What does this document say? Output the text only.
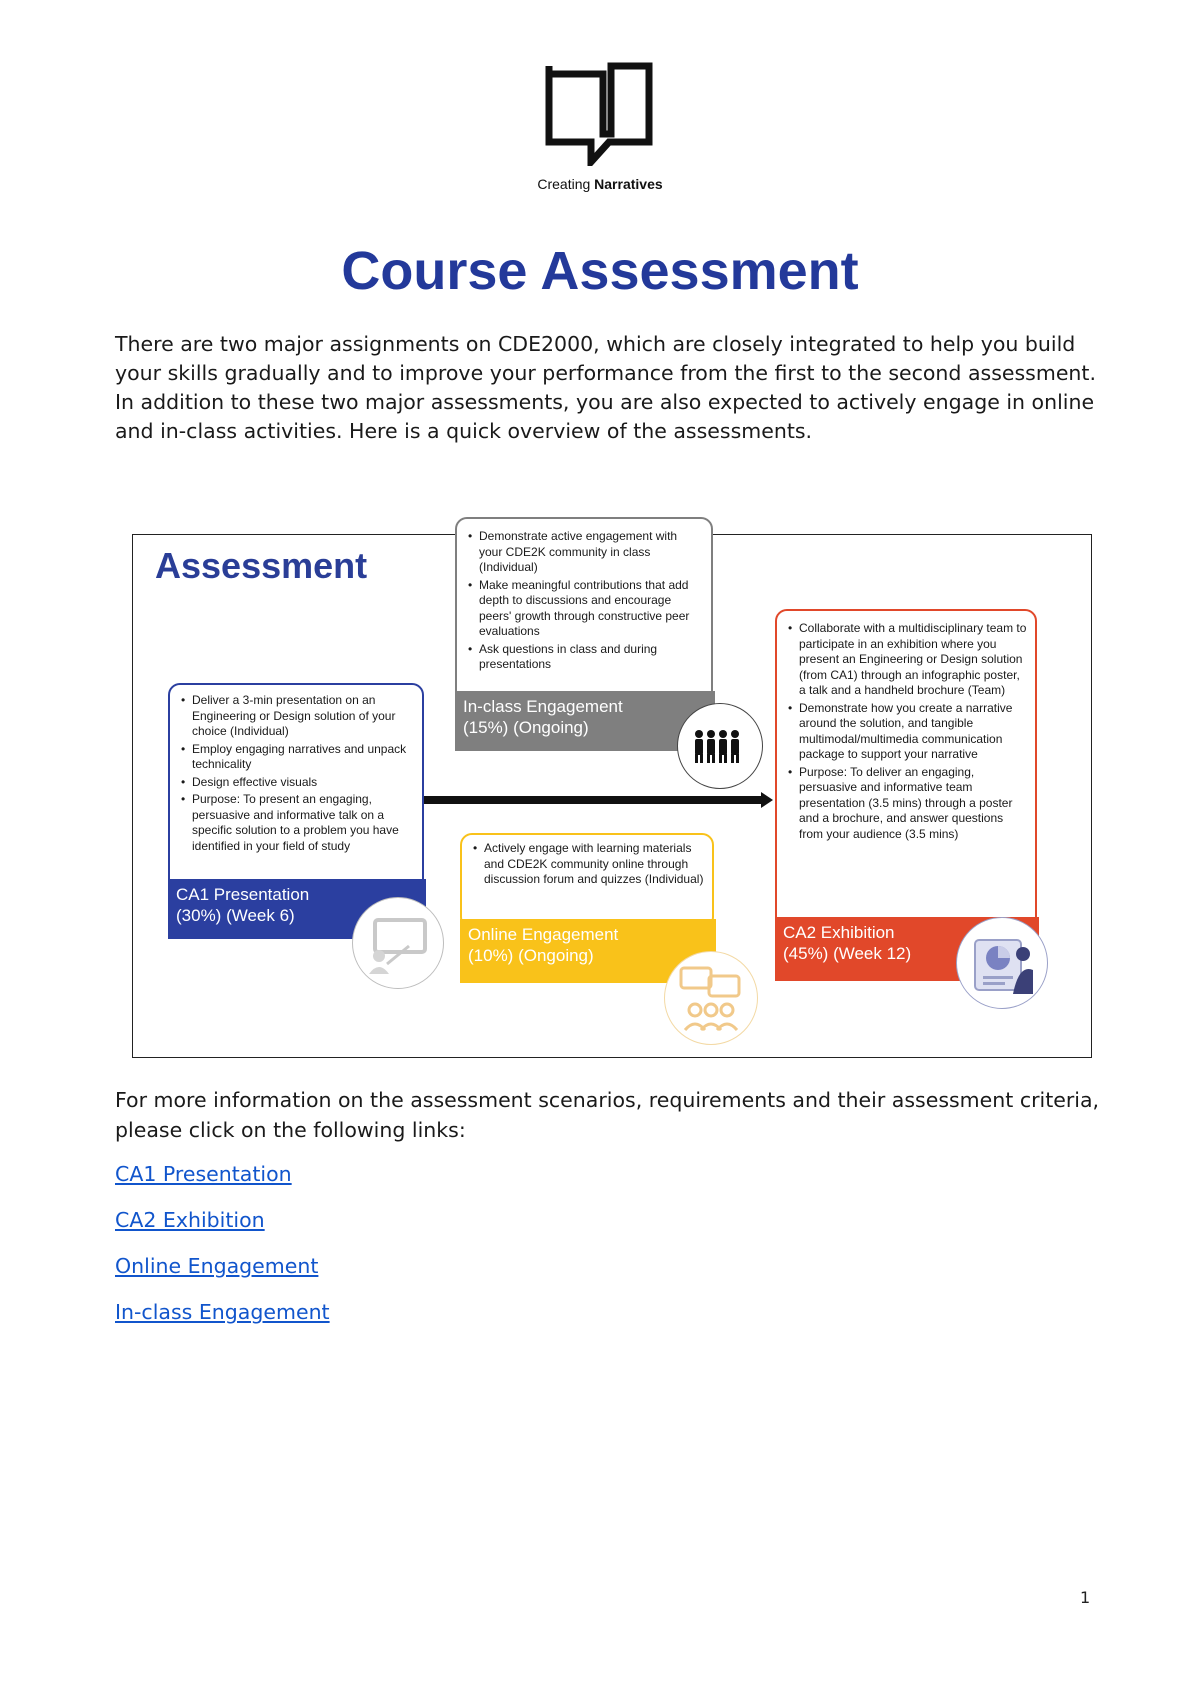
Creating Narratives
Course Assessment

There are two major assignments on CDE2000, which are closely integrated to help you build your skills gradually and to improve your performance from the first to the second assessment. In addition to these two major assessments, you are also expected to actively engage in online and in-class activities. Here is a quick overview of the assessments.

Assessment
• Deliver a 3-min presentation on an Engineering or Design solution of your choice (Individual)
• Employ engaging narratives and unpack technicality
• Design effective visuals
• Purpose: To present an engaging, persuasive and informative talk on a specific solution to a problem you have identified in your field of study
CA1 Presentation
(30%) (Week 6)
• Demonstrate active engagement with your CDE2K community in class (Individual)
• Make meaningful contributions that add depth to discussions and encourage peers' growth through constructive peer evaluations
• Ask questions in class and during presentations
In-class Engagement
(15%) (Ongoing)
• Actively engage with learning materials and CDE2K community online through discussion forum and quizzes (Individual)
Online Engagement
(10%) (Ongoing)
• Collaborate with a multidisciplinary team to participate in an exhibition where you present an Engineering or Design solution (from CA1) through an infographic poster, a talk and a handheld brochure (Team)
• Demonstrate how you create a narrative around the solution, and tangible multimodal/multimedia communication package to support your narrative
• Purpose: To deliver an engaging, persuasive and informative team presentation (3.5 mins) through a poster and a brochure, and answer questions from your audience (3.5 mins)
CA2 Exhibition
(45%) (Week 12)

For more information on the assessment scenarios, requirements and their assessment criteria, please click on the following links:

CA1 Presentation
CA2 Exhibition
Online Engagement
In-class Engagement
1
